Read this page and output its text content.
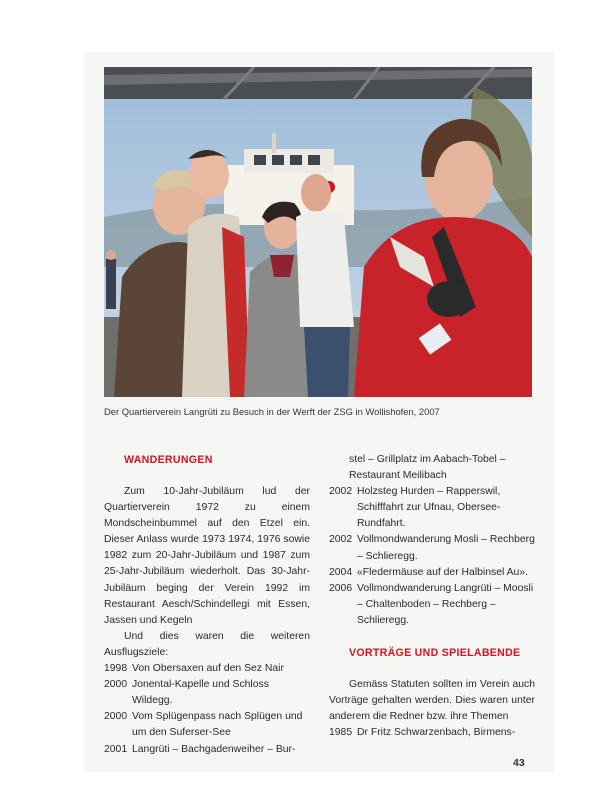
Der Quartierverein Langrüti zu Besuch in der Werft der ZSG in Wollishofen, 2007

WANDERUNGEN

Zum 10-Jahr-Jubiläum lud der Quartierverein 1972 zu einem Mondscheinbummel auf den Etzel ein. Dieser Anlass wurde 1973 1974, 1976 sowie 1982 zum 20-Jahr-Jubiläum und 1987 zum 25-Jahr-Jubiläum wiederholt. Das 30-Jahr-Jubiläum beging der Verein 1992 im Restaurant Aesch/Schindellegi mit Essen, Jassen und Kegeln

Und dies waren die weiteren Ausflugsziele:

1998 Von Obersaxen auf den Sez Nair

2000 Jonental-Kapelle und Schloss Wildegg.

2000 Vom Splügenpass nach Splügen und um den Suferser-See

2001 Langrüti – Bachgadenweiher – Bur-

stel – Grillplatz im Aabach-Tobel – Restaurant Meilibach

2002 Holzsteg Hurden – Rapperswil, Schifffahrt zur Ufnau, Obersee-Rundfahrt.

2002 Vollmondwanderung Mosli – Rechberg – Schlieregg.

2004 «Fledermäuse auf der Halbinsel Au».

2006 Vollmondwanderung Langrüti – Moosli – Chaltenboden – Rechberg – Schlieregg.

VORTRÄGE UND SPIELABENDE

Gemäss Statuten sollten im Verein auch Vorträge gehalten werden. Dies waren unter anderem die Redner bzw. ihre Themen

1985 Dr Fritz Schwarzenbach, Birmens-

43
